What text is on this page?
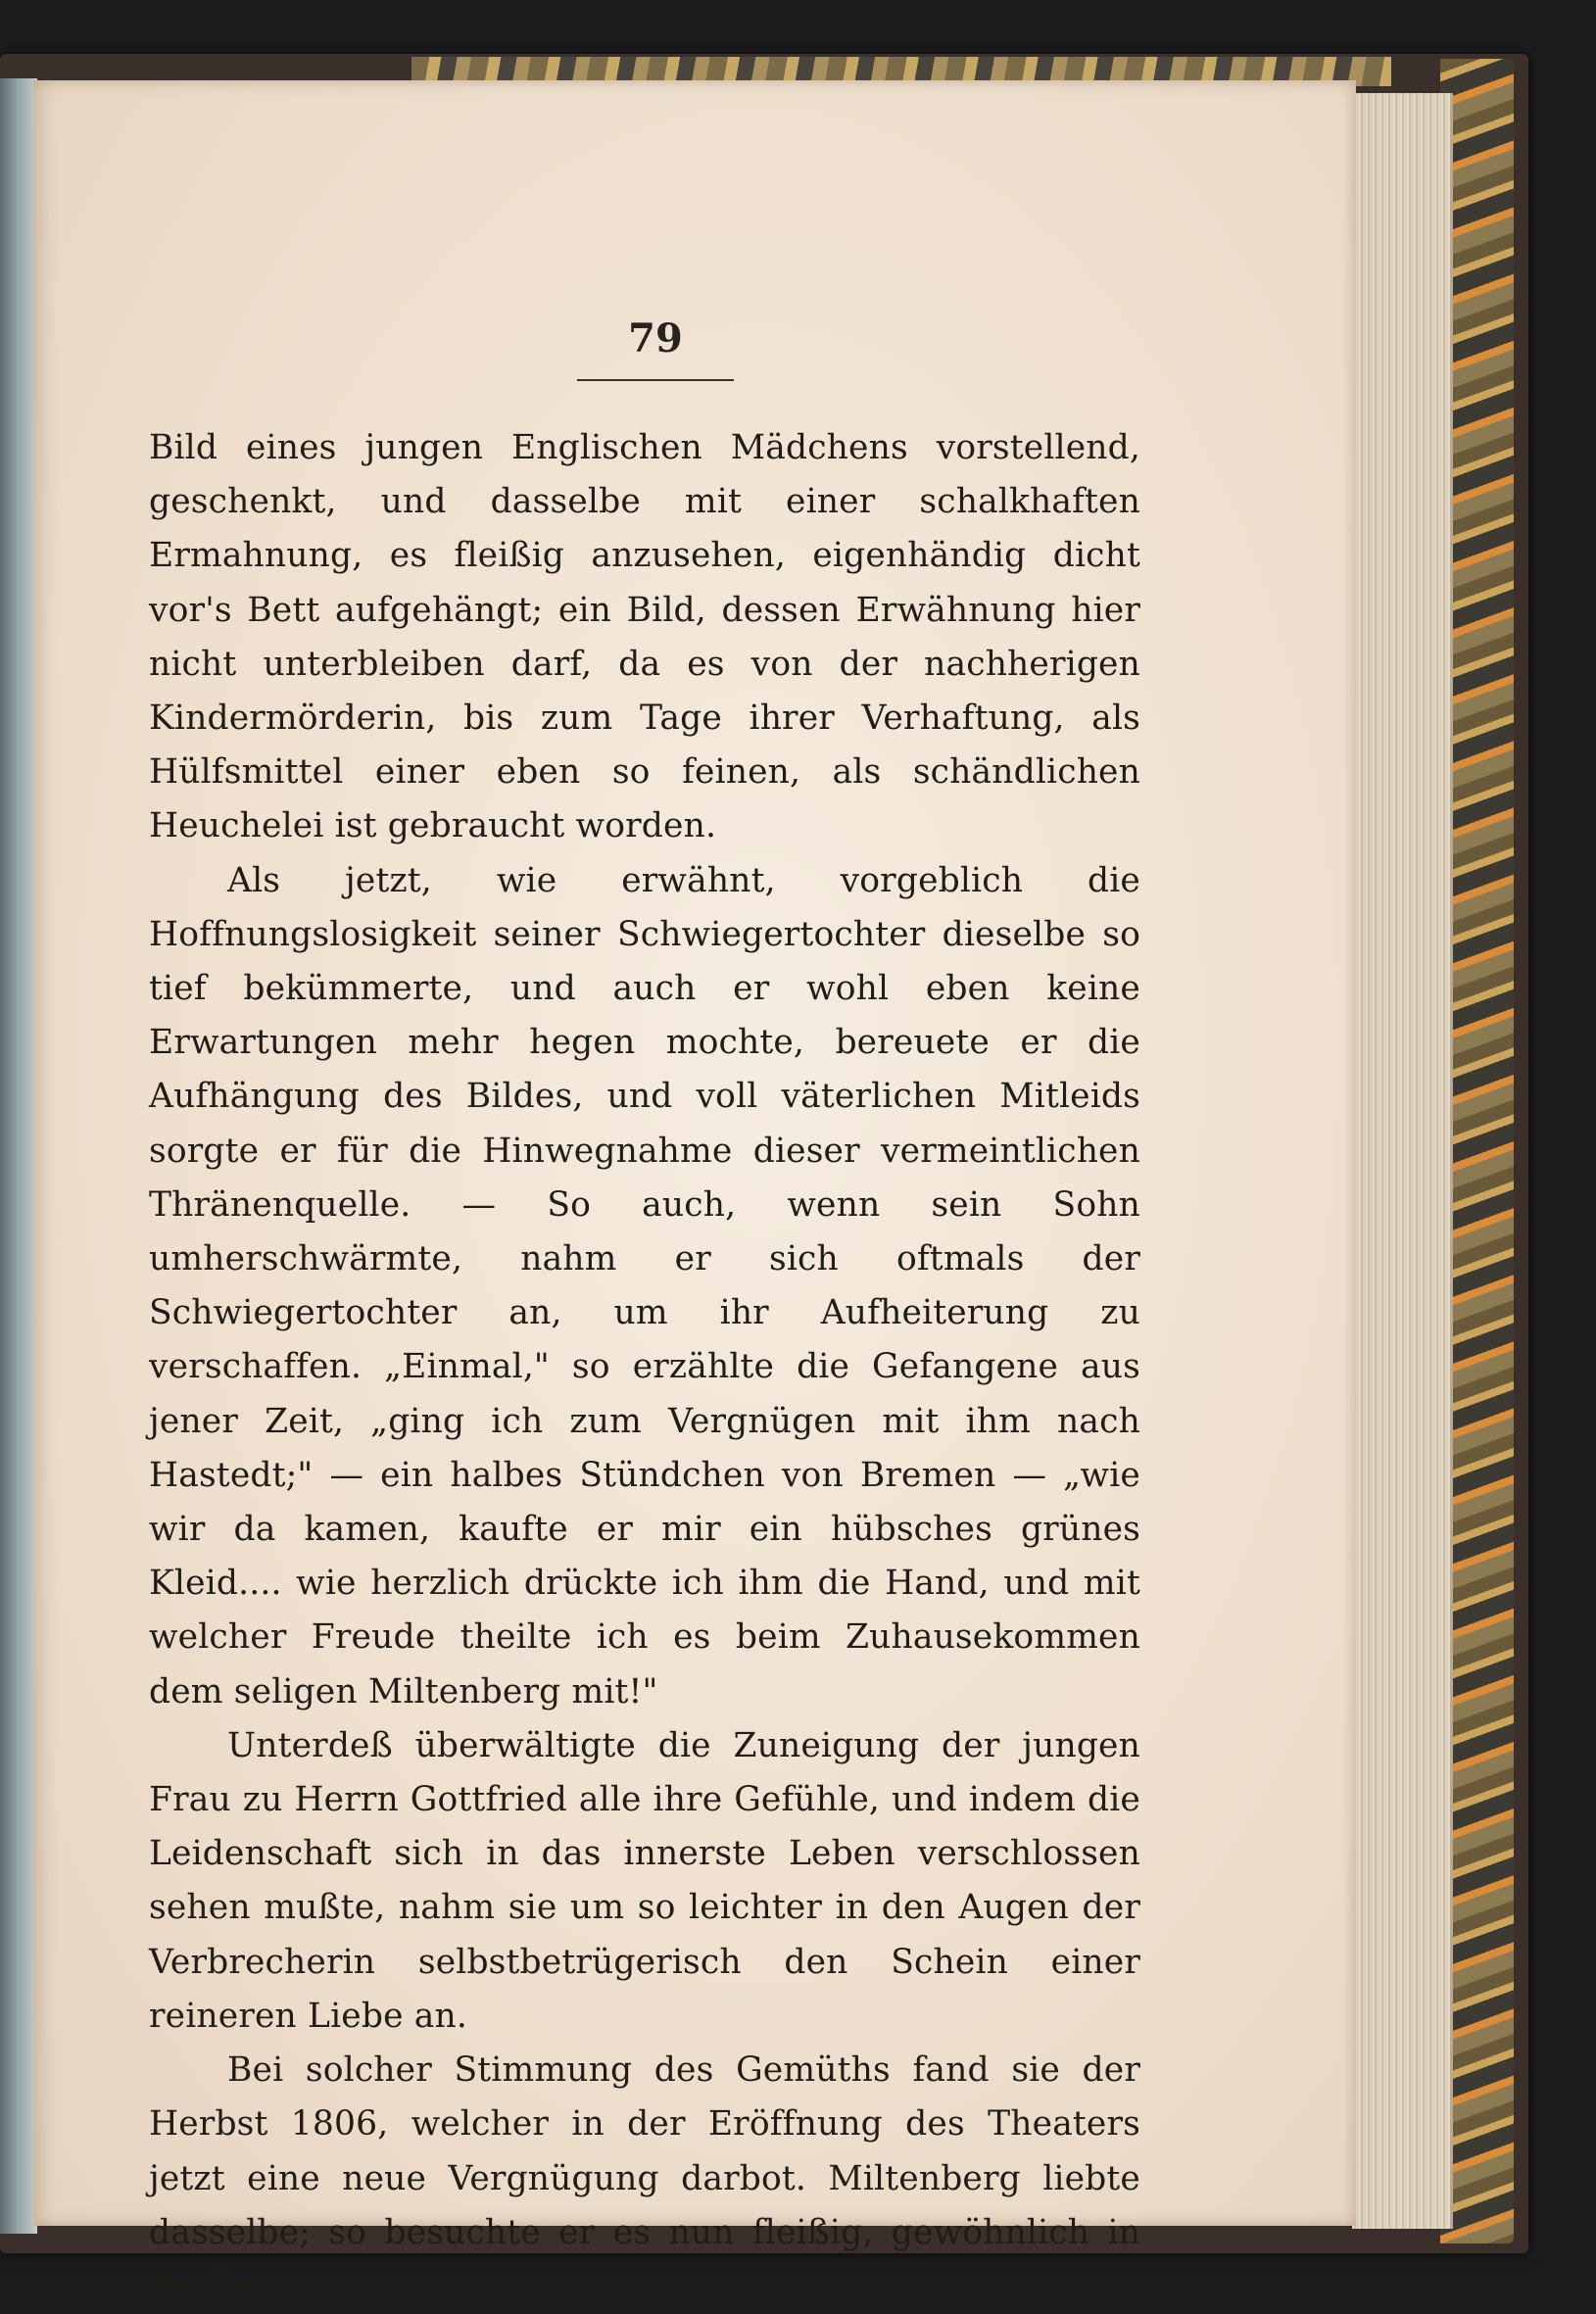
79

Bild eines jungen Englischen Mädchens vorstellend, geschenkt, und dasselbe mit einer schalkhaften Ermahnung, es fleißig anzusehen, eigenhändig dicht vor's Bett aufgehängt; ein Bild, dessen Erwähnung hier nicht unterbleiben darf, da es von der nachherigen Kindermörderin, bis zum Tage ihrer Verhaftung, als Hülfsmittel einer eben so feinen, als schändlichen Heuchelei ist gebraucht worden.

Als jetzt, wie erwähnt, vorgeblich die Hoffnungslosigkeit seiner Schwiegertochter dieselbe so tief bekümmerte, und auch er wohl eben keine Erwartungen mehr hegen mochte, bereuete er die Aufhängung des Bildes, und voll väterlichen Mitleids sorgte er für die Hinwegnahme dieser vermeintlichen Thränenquelle. — So auch, wenn sein Sohn umherschwärmte, nahm er sich oftmals der Schwiegertochter an, um ihr Aufheiterung zu verschaffen. „Einmal," so erzählte die Gefangene aus jener Zeit, „ging ich zum Vergnügen mit ihm nach Hastedt;" — ein halbes Stündchen von Bremen — „wie wir da kamen, kaufte er mir ein hübsches grünes Kleid.... wie herzlich drückte ich ihm die Hand, und mit welcher Freude theilte ich es beim Zuhausekommen dem seligen Miltenberg mit!"

Unterdeß überwältigte die Zuneigung der jungen Frau zu Herrn Gottfried alle ihre Gefühle, und indem die Leidenschaft sich in das innerste Leben verschlossen sehen mußte, nahm sie um so leichter in den Augen der Verbrecherin selbstbetrügerisch den Schein einer reineren Liebe an.

Bei solcher Stimmung des Gemüths fand sie der Herbst 1806, welcher in der Eröffnung des Theaters jetzt eine neue Vergnügung darbot. Miltenberg liebte dasselbe; so besuchte er es nun fleißig, gewöhnlich in Begleitung
